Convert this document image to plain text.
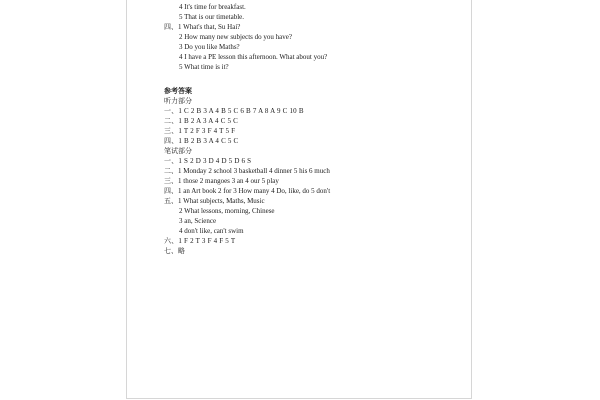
4 It's time for breakfast.
5 That is our timetable.
四、 1 What's that, Su Hai?
2 How many new subjects do you have?
3 Do you like Maths?
4 I have a PE lesson this afternoon. What about you?
5 What time is it?
参考答案
听力部分
一、 1 C 2 B 3 A 4 B 5 C 6 B 7 A 8 A 9 C 10 B
二、 1 B 2 A 3 A 4 C 5 C
三、 1 T 2 F 3 F 4 T 5 F
四、 1 B 2 B 3 A 4 C 5 C
笔试部分
一、 1 S 2 D 3 D 4 D 5 D 6 S
二、 1 Monday 2 school 3 basketball 4 dinner 5 his 6 much
三、 1 those 2 mangoes 3 an 4 our 5 play
四、 1 an Art book 2 for 3 How many 4 Do, like, do 5 don't
五、 1 What subjects, Maths, Music
2 What lessons, morning, Chinese
3 an, Science
4 don't like, can't swim
六、 1 F 2 T 3 F 4 F 5 T
七、 略
